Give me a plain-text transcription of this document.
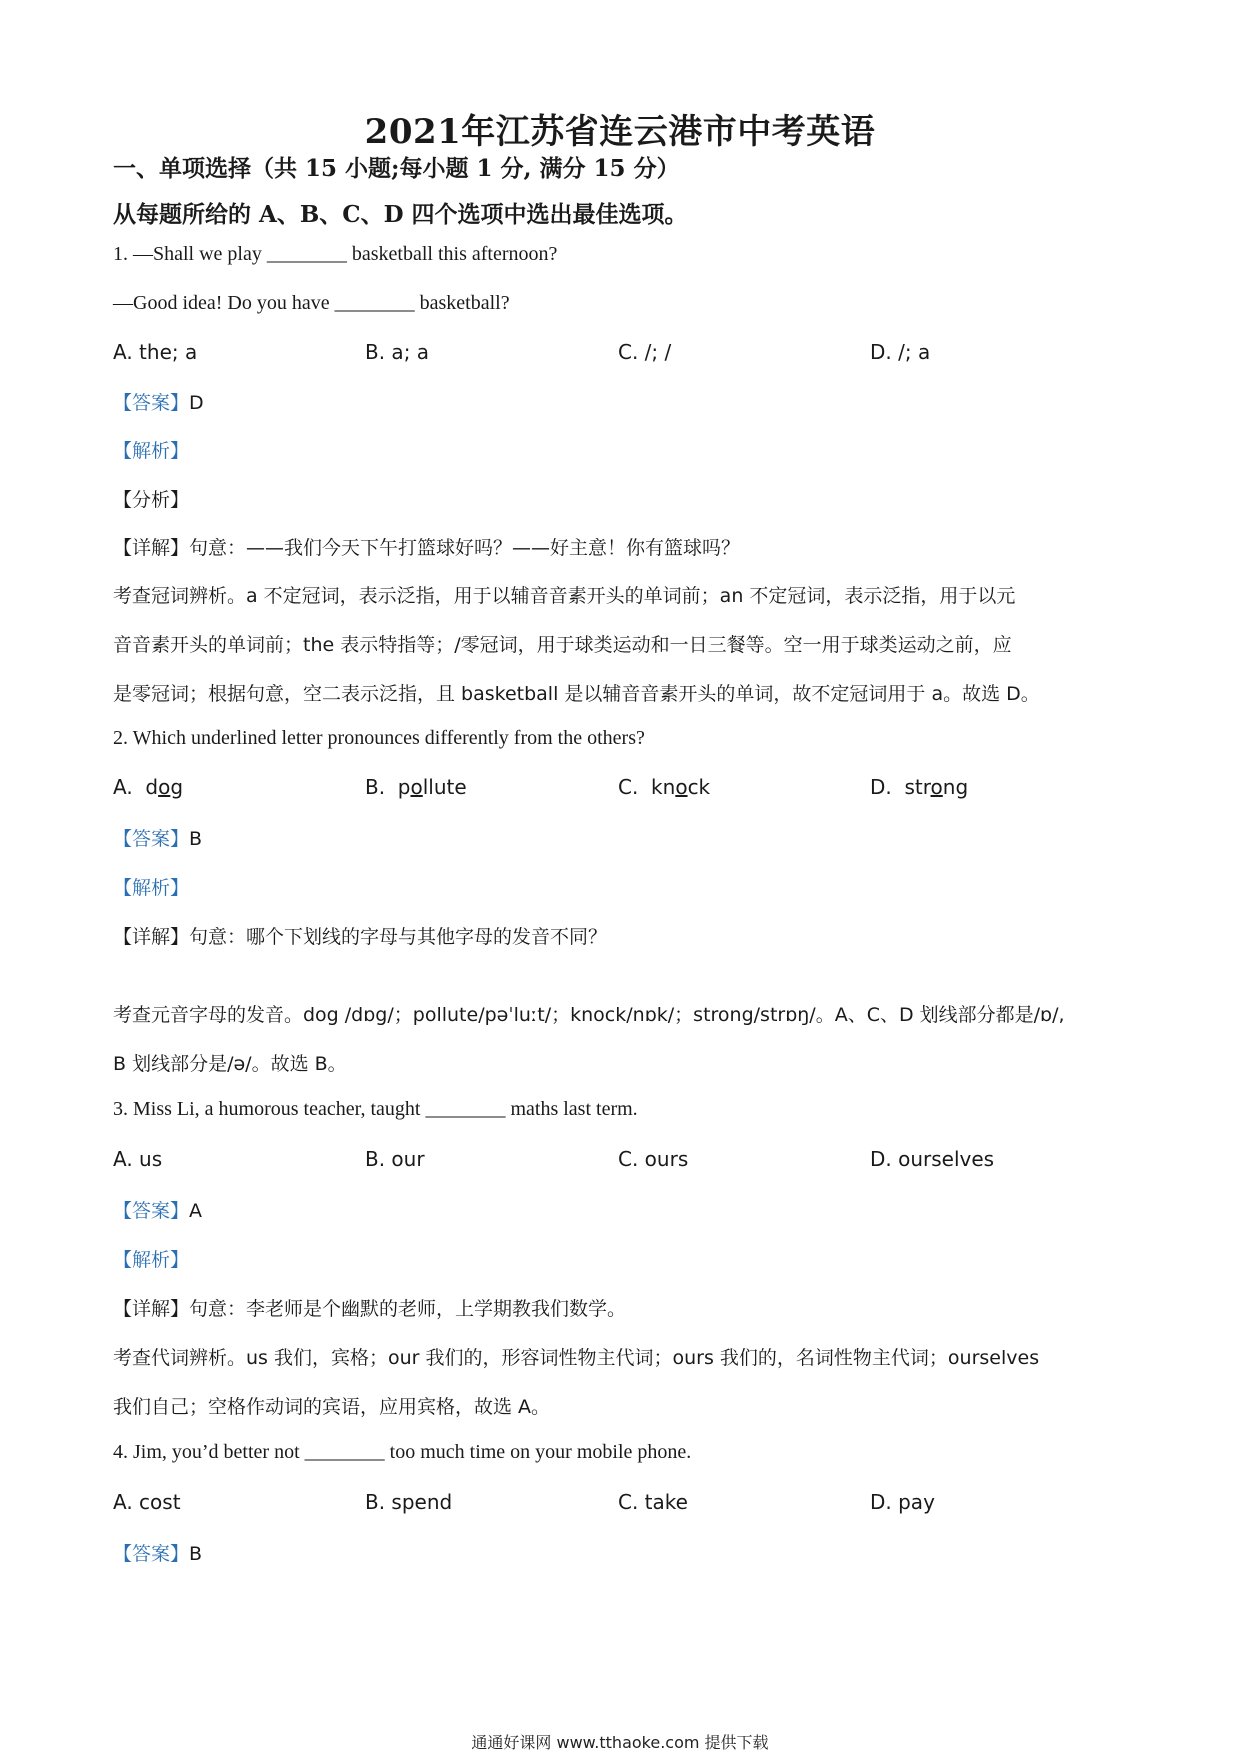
2021年江苏省连云港市中考英语
一、单项选择（共 15 小题;每小题 1 分, 满分 15 分）
从每题所给的 A、B、C、D 四个选项中选出最佳选项。
1. —Shall we play ________ basketball this afternoon?
—Good idea! Do you have ________ basketball?
A. the; a	B. a; a	C. /; /	D. /; a
【答案】D
【解析】
【分析】
【详解】句意：——我们今天下午打篮球好吗？——好主意！你有篮球吗？
考查冠词辨析。a 不定冠词，表示泛指，用于以辅音音素开头的单词前；an 不定冠词，表示泛指，用于以元
音音素开头的单词前；the 表示特指等；/零冠词，用于球类运动和一日三餐等。空一用于球类运动之前，应
是零冠词；根据句意，空二表示泛指，且 basketball 是以辅音音素开头的单词，故不定冠词用于 a。故选 D。
2. Which underlined letter pronounces differently from the others?
A. dog	B. pollute	C. knock	D. strong
【答案】B
【解析】
【详解】句意：哪个下划线的字母与其他字母的发音不同？
考查元音字母的发音。dog /dɒg/；pollute/pəˈluːt/；knock/nɒk/；strong/strɒŋ/。A、C、D 划线部分都是/ɒ/,
B 划线部分是/ə/。故选 B。
3. Miss Li, a humorous teacher, taught ________ maths last term.
A. us	B. our	C. ours	D. ourselves
【答案】A
【解析】
【详解】句意：李老师是个幽默的老师，上学期教我们数学。
考查代词辨析。us 我们，宾格；our 我们的，形容词性物主代词；ours 我们的，名词性物主代词；ourselves
我们自己；空格作动词的宾语，应用宾格，故选 A。
4. Jim, you’d better not ________ too much time on your mobile phone.
A. cost	B. spend	C. take	D. pay
【答案】B
通通好课网 www.tthaoke.com 提供下载
